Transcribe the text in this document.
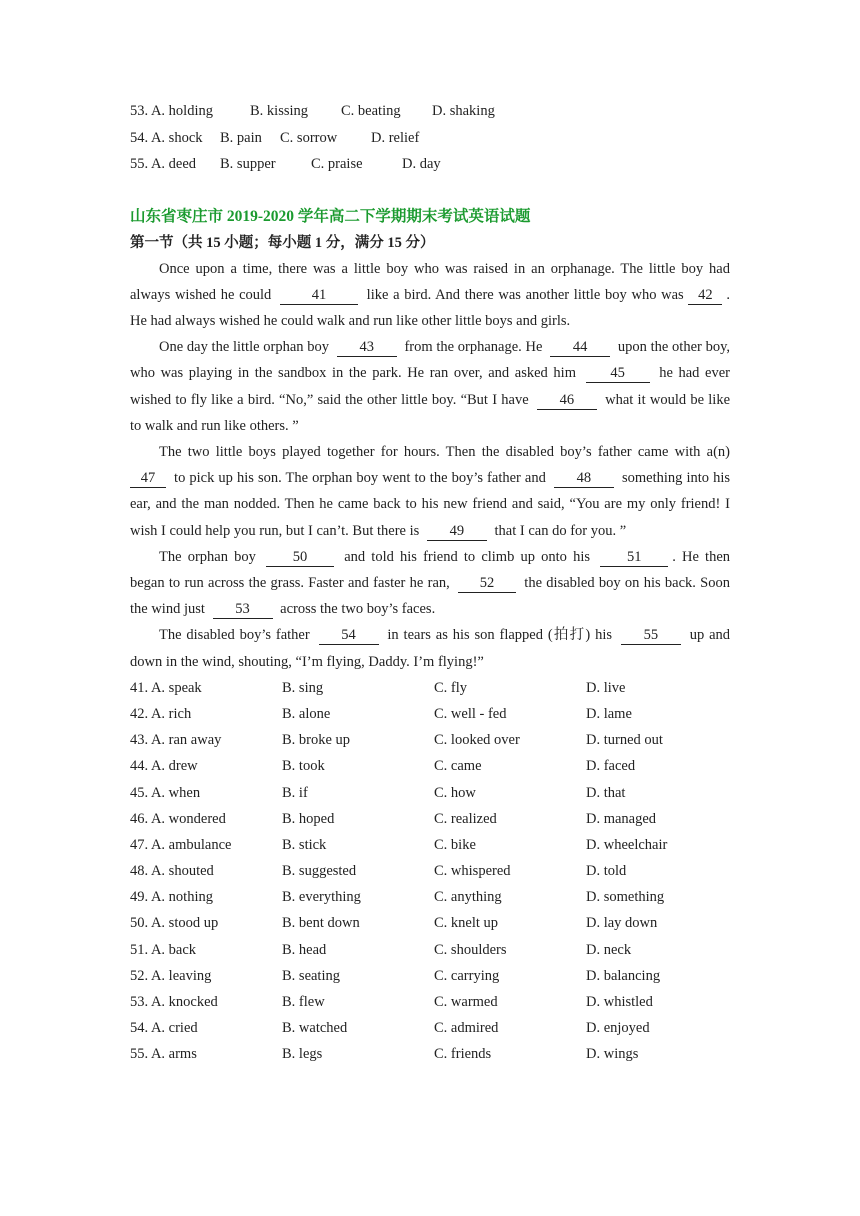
53. A. holding	B. kissing C. beating D. shaking
54. A. shock B. pain C. sorrow D. relief
55. A. deed B. supper C. praise	D. day
山东省枣庄市 2019-2020 学年高二下学期期末考试英语试题
第一节（共 15 小题；每小题 1 分，满分 15 分）

Once upon a time, there was a little boy who was raised in an orphanage. The little boy had always wished he could 41 like a bird. And there was another little boy who was 42 . He had always wished he could walk and run like other little boys and girls.

One day the little orphan boy 43 from the orphanage. He 44 upon the other boy, who was playing in the sandbox in the park. He ran over, and asked him 45 he had ever wished to fly like a bird. “No,” said the other little boy. “But I have 46 what it would be like to walk and run like others. ”

The two little boys played together for hours. Then the disabled boy’s father came with a(n) 47 to pick up his son. The orphan boy went to the boy’s father and 48 something into his ear, and the man nodded. Then he came back to his new friend and said, “You are my only friend! I wish I could help you run, but I can’t. But there is 49 that I can do for you. ”

The orphan boy 50 and told his friend to climb up onto his 51 . He then began to run across the grass. Faster and faster he ran, 52 the disabled boy on his back. Soon the wind just 53 across the two boy’s faces.

The disabled boy’s father 54 in tears as his son flapped (拍打) his 55 up and down in the wind, shouting, “I’m flying, Daddy. I’m flying!”

41. A. speak	B. sing	C. fly	D. live
42. A. rich	B. alone	C. well - fed	D. lame
43. A. ran away	B. broke up	C. looked over	D. turned out
44. A. drew	B. took	C. came	D. faced
45. A. when	B. if	C. how	D. that
46. A. wondered	B. hoped	C. realized	D. managed
47. A. ambulance	B. stick	C. bike	D. wheelchair
48. A. shouted	B. suggested	C. whispered	D. told
49. A. nothing	B. everything	C. anything	D. something
50. A. stood up	B. bent down	C. knelt up	D. lay down
51. A. back	B. head	C. shoulders	D. neck
52. A. leaving	B. seating	C. carrying	D. balancing
53. A. knocked	B. flew	C. warmed	D. whistled
54. A. cried	B. watched	C. admired	D. enjoyed
55. A. arms	B. legs	C. friends	D. wings
